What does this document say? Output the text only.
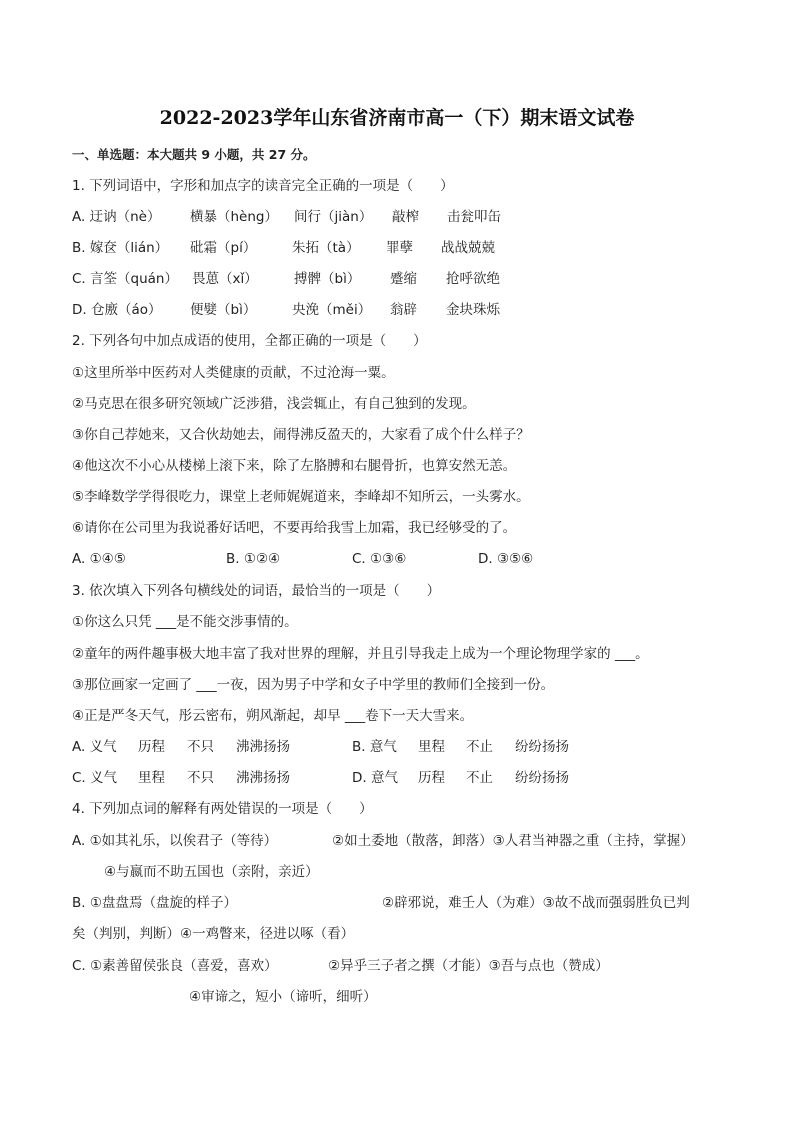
2022-2023学年山东省济南市高一（下）期末语文试卷
一、单选题：本大题共 9 小题，共 27 分。
1. 下列词语中，字形和加点字的读音完全正确的一项是（　　）
A. 迂讷（nè） 横暴（hèng） 间行（jiàn） 敲榨 击瓮叩缶
B. 嫁奁（lián） 砒霜（pí）	朱拓（tà） 罪孽 战战兢兢
C. 言筌（quán） 畏葸（xǐ）	搏髀（bì） 蹙缩 抢呼欲绝
D. 仓廒（áo） 便嬖（bì）	央浼（měi） 翁辟 金块珠烁
2. 下列各句中加点成语的使用，全都正确的一项是（　　）
①这里所举中医药对人类健康的贡献，不过沧海一粟。
②马克思在很多研究领域广泛涉猎，浅尝辄止，有自己独到的发现。
③你自己荐她来，又合伙劫她去，闹得沸反盈天的，大家看了成个什么样子？
④他这次不小心从楼梯上滚下来，除了左胳膊和右腿骨折，也算安然无恙。
⑤李峰数学学得很吃力，课堂上老师娓娓道来，李峰却不知所云，一头雾水。
⑥请你在公司里为我说番好话吧，不要再给我雪上加霜，我已经够受的了。
A. ①④⑤	B. ①②④	C. ①③⑥	D. ③⑤⑥
3. 依次填入下列各句横线处的词语，最恰当的一项是（　　）
①你这么只凭 ___是不能交涉事情的。
②童年的两件趣事极大地丰富了我对世界的理解，并且引导我走上成为一个理论物理学家的 ___。
③那位画家一定画了 ___一夜，因为男子中学和女子中学里的教师们全接到一份。
④正是严冬天气，彤云密布，朔风渐起，却早 ___卷下一天大雪来。
A. 义气 历程 不只 沸沸扬扬	B. 意气 里程 不止 纷纷扬扬
C. 义气 里程 不只 沸沸扬扬	D. 意气 历程 不止 纷纷扬扬
4. 下列加点词的解释有两处错误的一项是（　　）
A. ①如其礼乐，以俟君子（等待）	②如土委地（散落，卸落）③人君当神器之重（主持，掌握）
④与嬴而不助五国也（亲附，亲近）
B. ①盘盘焉（盘旋的样子）	②辟邪说，难壬人（为难）③故不战而强弱胜负已判
矣（判别，判断）④一鸡瞥来，径进以啄（看）
C. ①素善留侯张良（喜爱，喜欢）	②异乎三子者之撰（才能）③吾与点也（赞成）
④审谛之，短小（谛听，细听）
